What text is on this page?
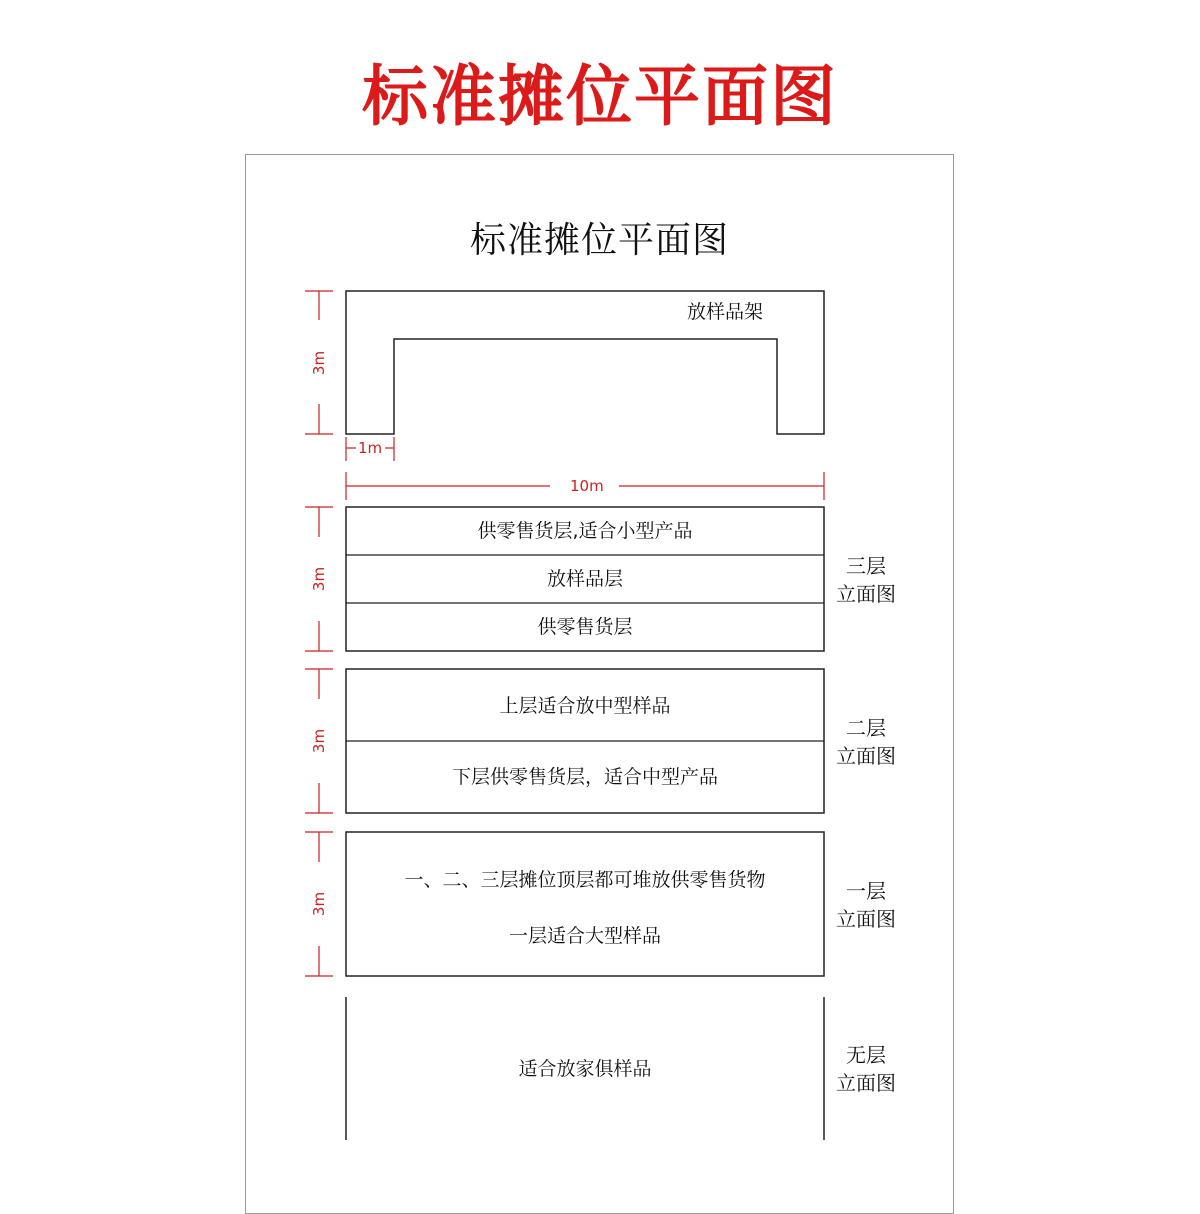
标准摊位平面图
标准摊位平面图
放样品架
3m
1m
10m
供零售货层,适合小型产品
放样品层
供零售货层
3m
三层
立面图
上层适合放中型样品
下层供零售货层，适合中型产品
3m
二层
立面图
一、二、三层摊位顶层都可堆放供零售货物
一层适合大型样品
3m
一层
立面图
适合放家俱样品
无层
立面图
